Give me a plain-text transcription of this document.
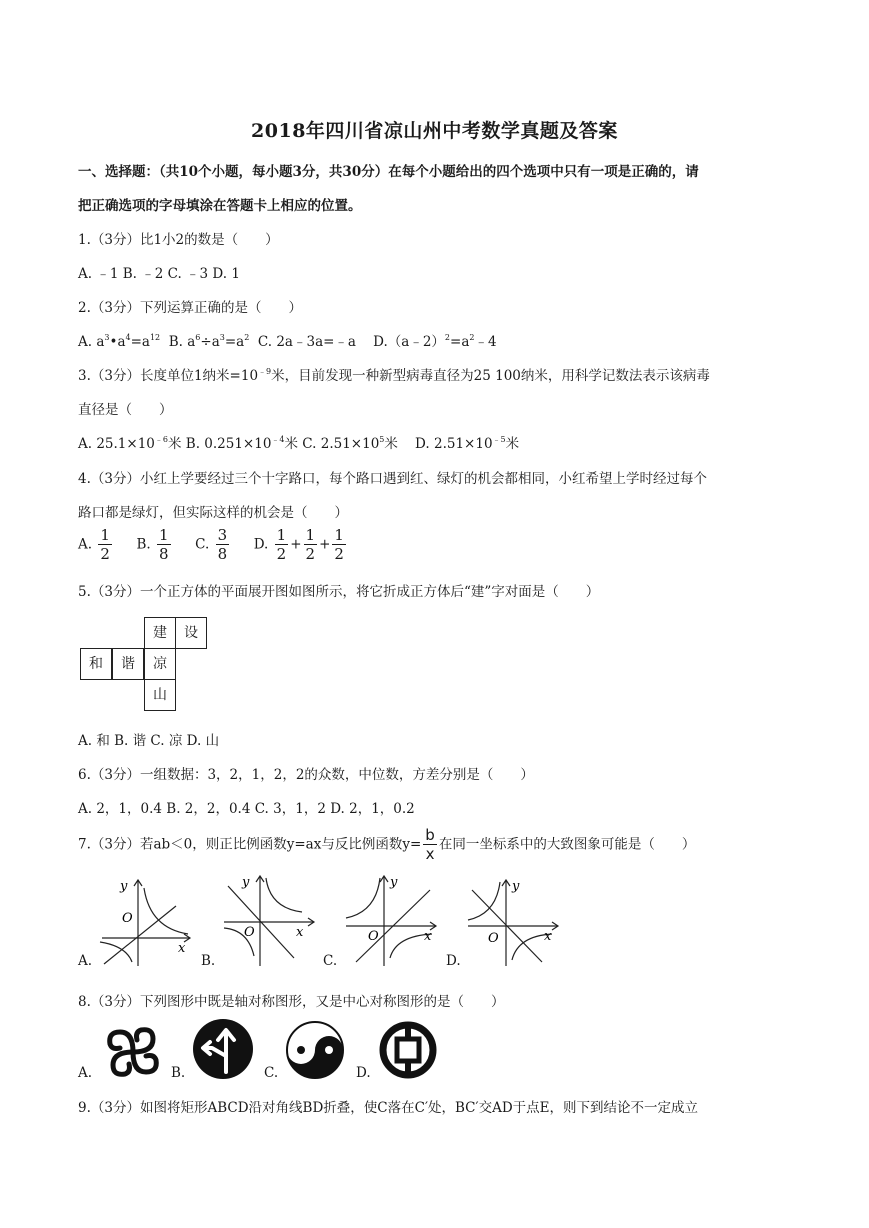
2018年四川省凉山州中考数学真题及答案
一、选择题：（共10个小题，每小题3分，共30分）在每个小题给出的四个选项中只有一项是正确的，请
把正确选项的字母填涂在答题卡上相应的位置。
1.（3分）比1小2的数是（　　）
A. ﹣1 B. ﹣2 C. ﹣3 D. 1
2.（3分）下列运算正确的是（　　）
A. $a^3•a^4=a^{12}$  B. $a^6\div a^3=a^2$  C. 2a﹣3a=﹣a    $D.(a﹣2)^2=a^2﹣4$
3.（3分）长度单位1纳米$=10^{﹣9}$米，目前发现一种新型病毒直径为25 100纳米，用科学记数法表示该病毒
直径是（　　）
A. $25.1\times 10^{﹣6}$米 B. $0.251\times 10^{﹣4}$米 C. $2.51\times 10^5$米    D. $2.51\times 10^{﹣5}$米
4.（3分）小红上学要经过三个十字路口，每个路口遇到红、绿灯的机会都相同，小红希望上学时经过每个
路口都是绿灯，但实际这样的机会是（　　）
A. $\frac{1}{2} B$. $\frac{1}{8} C$. $\frac{3}{8} D$. $\frac{1}{2} + \frac{1}{2} + \frac{1}{2}$
5.（3分）一个正方体的平面展开图如图所示，将它折成正方体后“建”字对面是（　　）
建	设
和	谐	凉
山
A. 和 B. 谐 C. 凉 D. 山
6.（3分）一组数据：3，2，1，2，2的众数，中位数，方差分别是（　　）
A. 2，1，0.4 B. 2，2，0.4 C. 3，1，2 D. 2，1，0.2
7.（3分）若ab＜0，则正比例函数y=ax与反比例函数$y= \frac{b}{x}$ 在同一坐标系中的大致图象可能是（　　）
A.
y
x
O
B.
y
x
O
C.
y
x
O
D.
y
x
O
8.（3分）下列图形中既是轴对称图形，又是中心对称图形的是（　　）
A.	B.	C.	D.
9.（3分）如图将矩形ABCD沿对角线BD折叠，使C落在C′处，BC′交AD于点E，则下到结论不一定成立
